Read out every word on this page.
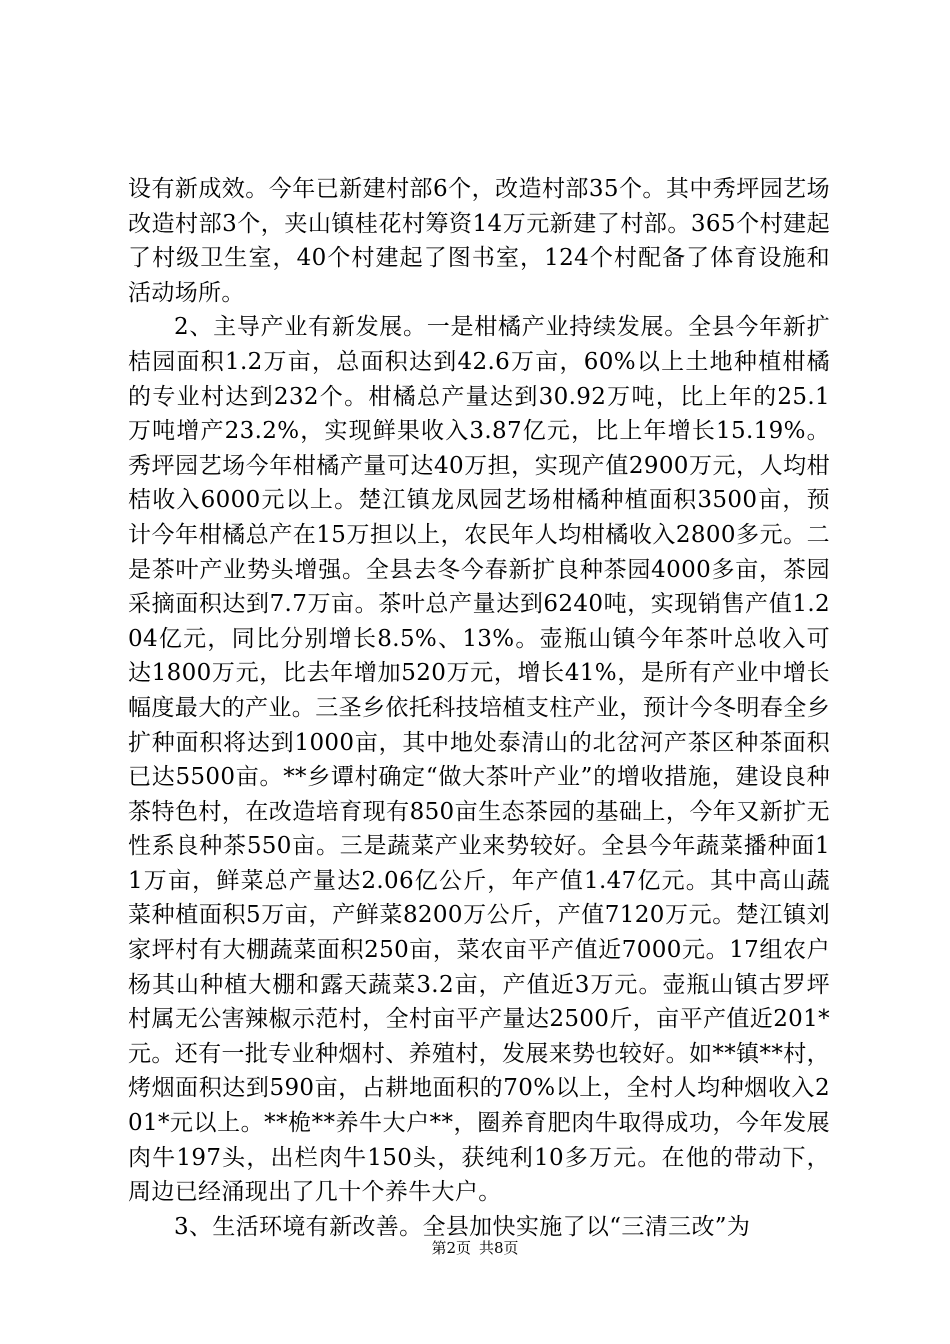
设有新成效。今年已新建村部6个，改造村部35个。其中秀坪园艺场改造村部3个，夹山镇桂花村筹资14万元新建了村部。365个村建起了村级卫生室，40个村建起了图书室，124个村配备了体育设施和活动场所。

2、主导产业有新发展。一是柑橘产业持续发展。全县今年新扩桔园面积1.2万亩，总面积达到42.6万亩，60%以上土地种植柑橘的专业村达到232个。柑橘总产量达到30.92万吨，比上年的25.1万吨增产23.2%，实现鲜果收入3.87亿元，比上年增长15.19%。秀坪园艺场今年柑橘产量可达40万担，实现产值2900万元，人均柑桔收入6000元以上。楚江镇龙凤园艺场柑橘种植面积3500亩，预计今年柑橘总产在15万担以上，农民年人均柑橘收入2800多元。二是茶叶产业势头增强。全县去冬今春新扩良种茶园4000多亩，茶园采摘面积达到7.7万亩。茶叶总产量达到6240吨，实现销售产值1.204亿元，同比分别增长8.5%、13%。壶瓶山镇今年茶叶总收入可达1800万元，比去年增加520万元，增长41%，是所有产业中增长幅度最大的产业。三圣乡依托科技培植支柱产业，预计今冬明春全乡扩种面积将达到1000亩，其中地处泰清山的北岔河产茶区种茶面积已达5500亩。**乡谭村确定“做大茶叶产业”的增收措施，建设良种茶特色村，在改造培育现有850亩生态茶园的基础上，今年又新扩无性系良种茶550亩。三是蔬菜产业来势较好。全县今年蔬菜播种面11万亩，鲜菜总产量达2.06亿公斤，年产值1.47亿元。其中高山蔬菜种植面积5万亩，产鲜菜8200万公斤，产值7120万元。楚江镇刘家坪村有大棚蔬菜面积250亩，菜农亩平产值近7000元。17组农户杨其山种植大棚和露天蔬菜3.2亩，产值近3万元。壶瓶山镇古罗坪村属无公害辣椒示范村，全村亩平产量达2500斤，亩平产值近201*元。还有一批专业种烟村、养殖村，发展来势也较好。如**镇**村，烤烟面积达到590亩，占耕地面积的70%以上，全村人均种烟收入201*元以上。**桅**养牛大户**，圈养育肥肉牛取得成功，今年发展肉牛197头，出栏肉牛150头，获纯利10多万元。在他的带动下，周边已经涌现出了几十个养牛大户。

3、生活环境有新改善。全县加快实施了以“三清三改”为

第2页 共8页
